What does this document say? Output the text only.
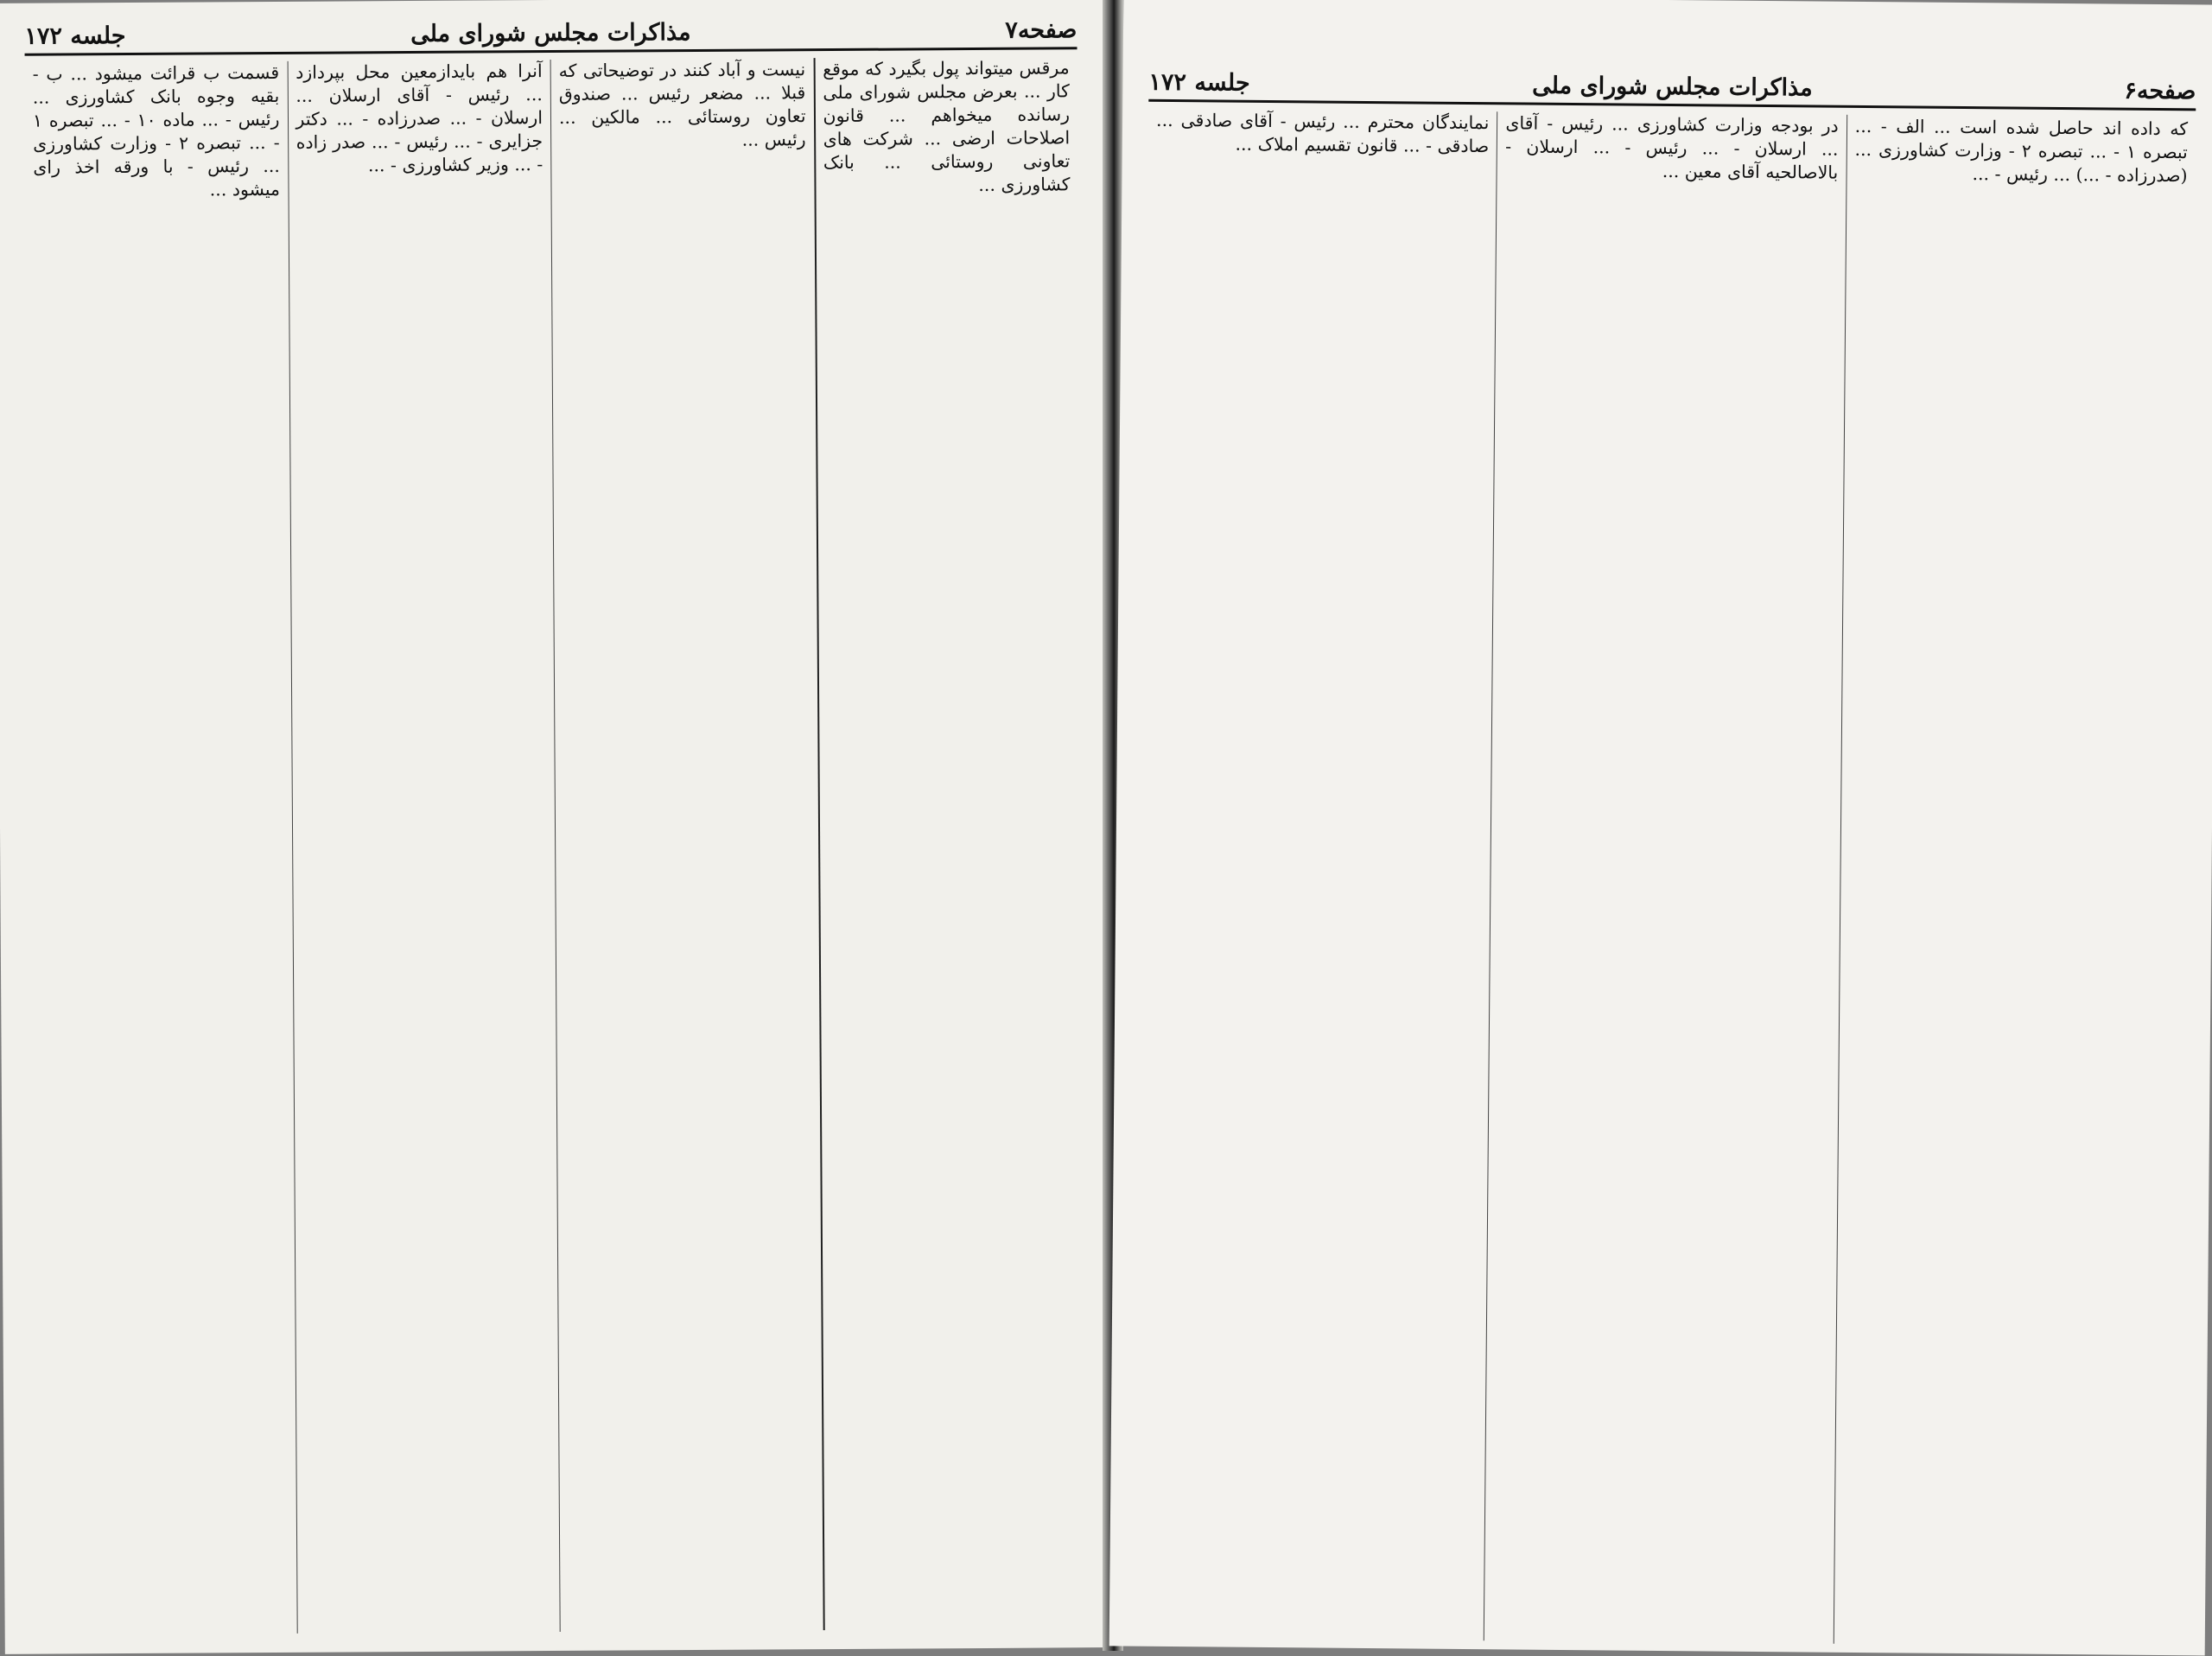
صفحه۷
مذاکرات مجلس شورای ملی
جلسه ۱۷۲

مرقس میتواند پول بگیرد که موقع کار ... بعرض مجلس شورای ملی رسانده میخواهم ... قانون اصلاحات ارضی ... شرکت های تعاونی روستائی ... بانک کشاورزی ...

نیست و آباد کنند در توضیحاتی که قبلا ... مضعر رئیس ... صندوق تعاون روستائی ... مالکین ... رئیس ...

آنرا هم بایدازمعین محل بپردازد ... رئیس - آقای ارسلان ... ارسلان - ... صدرزاده - ... دکتر جزایری - ... رئیس - ... صدر زاده - ... وزیر کشاورزی - ...

قسمت ب قرائت میشود ... ب - بقیه وجوه بانک کشاورزی ... رئیس - ... ماده ۱۰ - ... تبصره ۱ - ... تبصره ۲ - وزارت کشاورزی ... رئیس - با ورقه اخذ رای میشود ...

صفحه۶
مذاکرات مجلس شورای ملی
جلسه ۱۷۲

که داده اند حاصل شده است ... الف - ... تبصره ۱ - ... تبصره ۲ - وزارت کشاورزی ... (صدرزاده - ...) ... رئیس - ...

در بودجه وزارت کشاورزی ... رئیس - آقای ... ارسلان - ... رئیس - ... ارسلان - بالاصالحیه آقای معین ...

نمایندگان محترم ... رئیس - آقای صادقی ... صادقی - ... قانون تقسیم املاک ...
